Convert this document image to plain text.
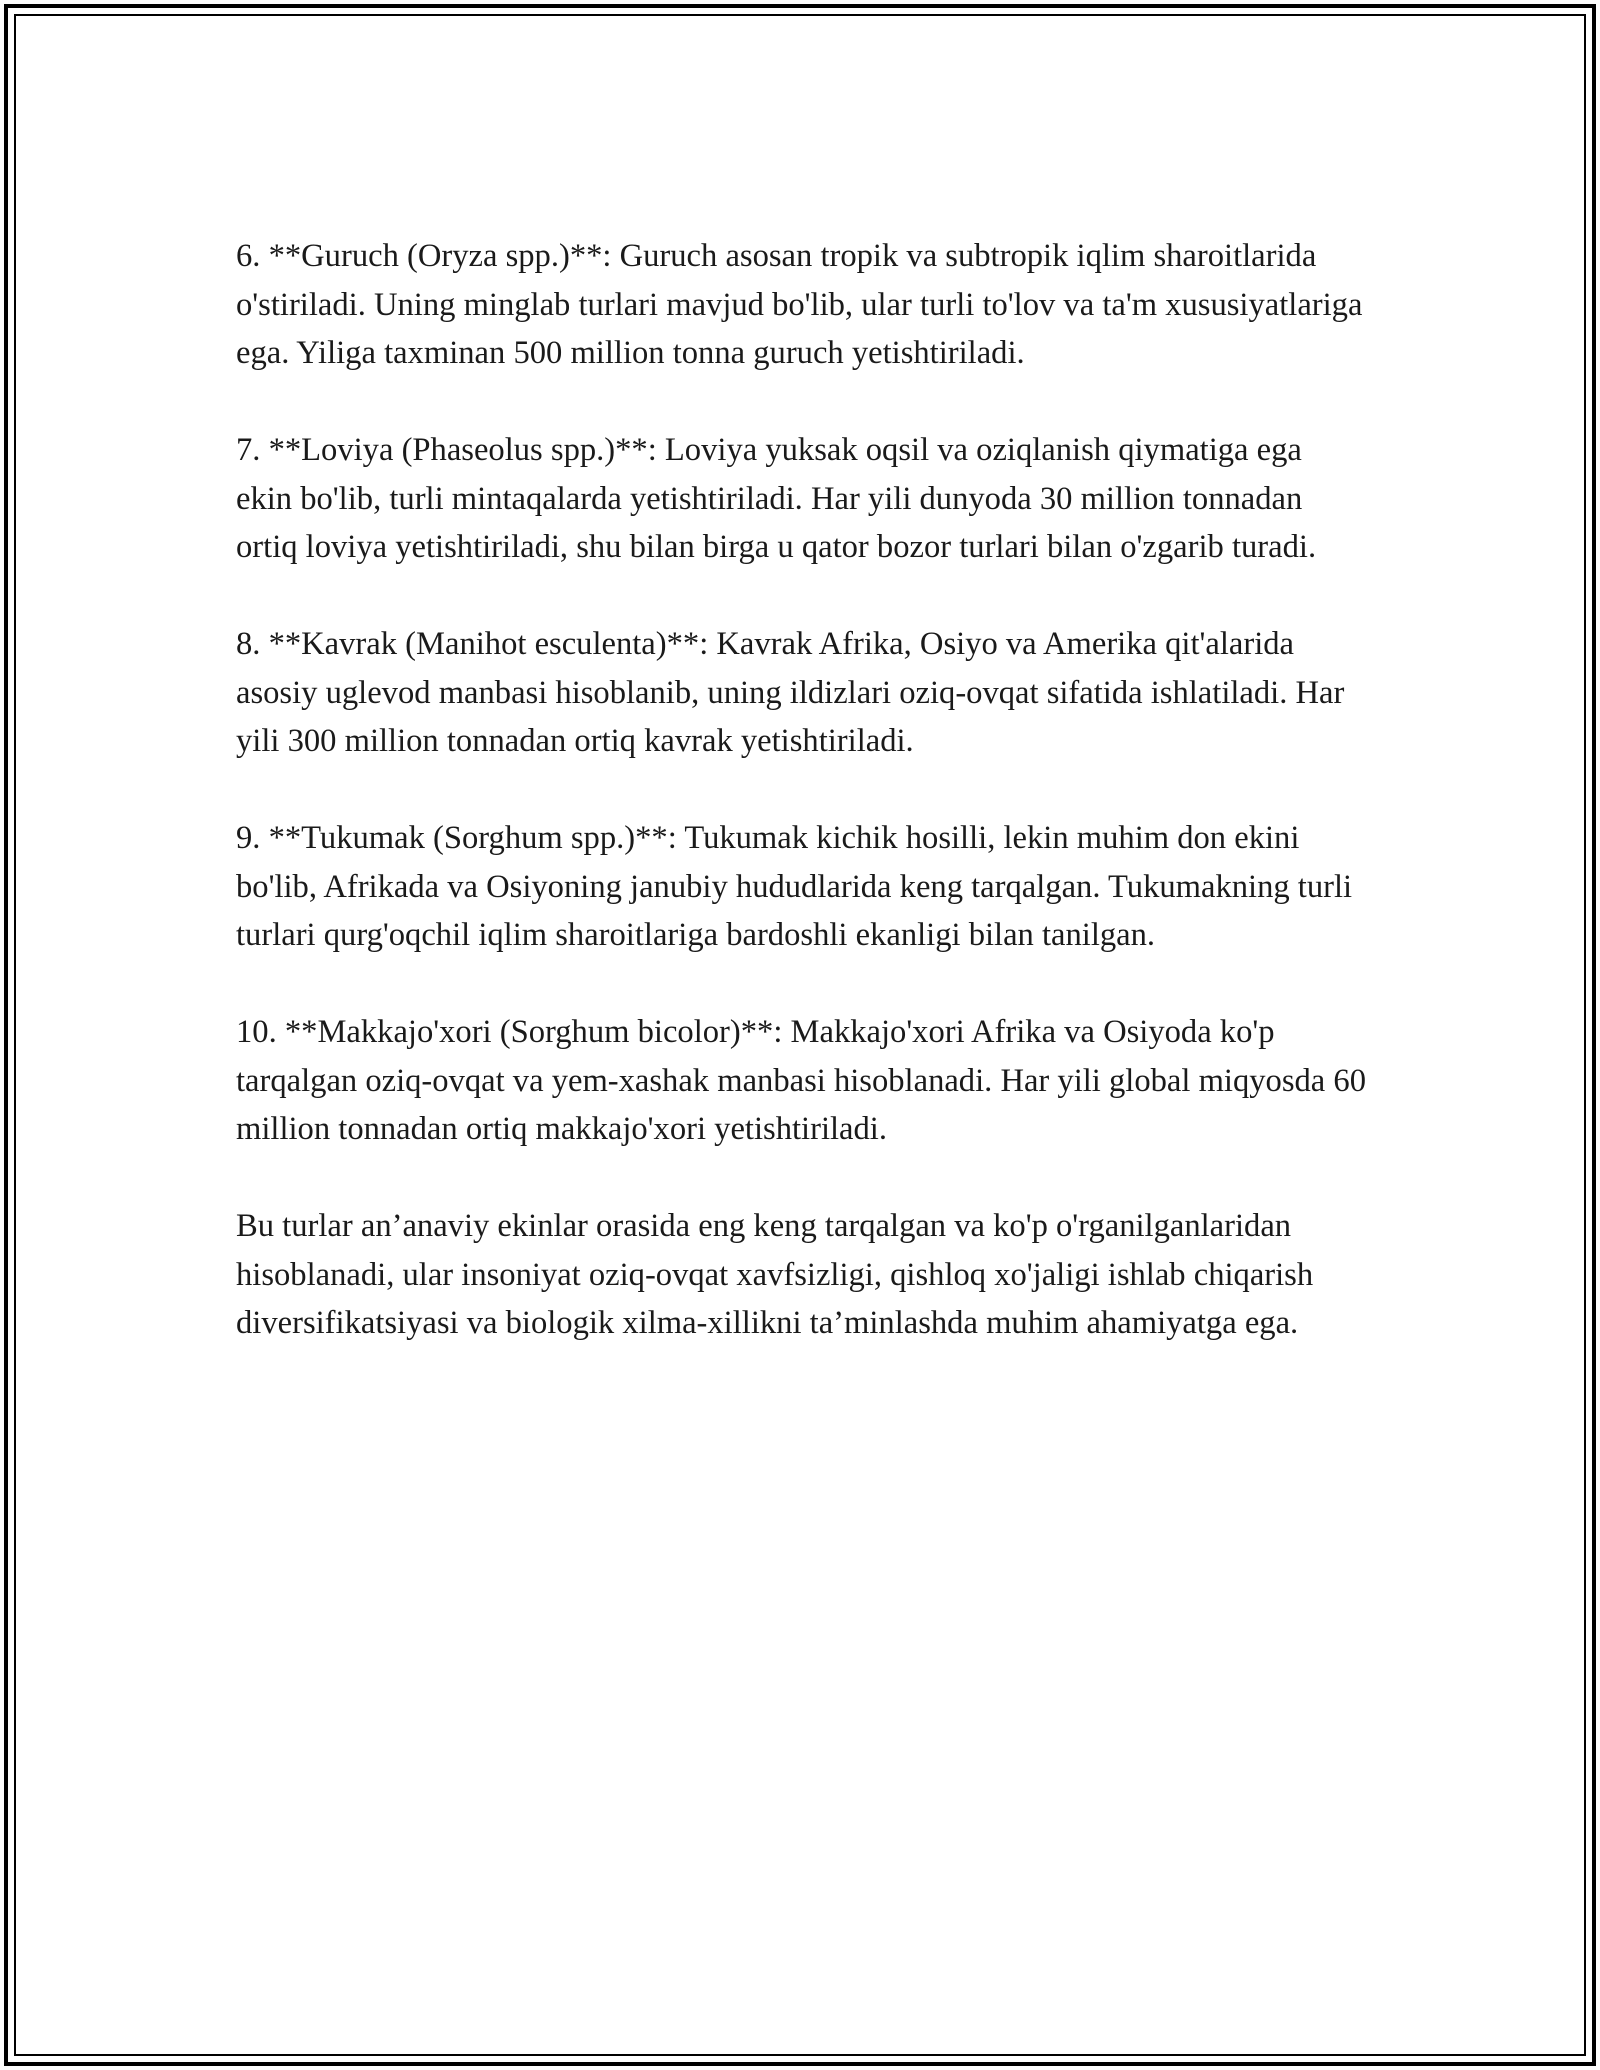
6. **Guruch (Oryza spp.)**: Guruch asosan tropik va subtropik iqlim sharoitlarida o'stiriladi. Uning minglab turlari mavjud bo'lib, ular turli to'lov va ta'm xususiyatlariga ega. Yiliga taxminan 500 million tonna guruch yetishtiriladi.

7. **Loviya (Phaseolus spp.)**: Loviya yuksak oqsil va oziqlanish qiymatiga ega ekin bo'lib, turli mintaqalarda yetishtiriladi. Har yili dunyoda 30 million tonnadan ortiq loviya yetishtiriladi, shu bilan birga u qator bozor turlari bilan o'zgarib turadi.

8. **Kavrak (Manihot esculenta)**: Kavrak Afrika, Osiyo va Amerika qit'alarida asosiy uglevod manbasi hisoblanib, uning ildizlari oziq-ovqat sifatida ishlatiladi. Har yili 300 million tonnadan ortiq kavrak yetishtiriladi.

9. **Tukumak (Sorghum spp.)**: Tukumak kichik hosilli, lekin muhim don ekini bo'lib, Afrikada va Osiyoning janubiy hududlarida keng tarqalgan. Tukumakning turli turlari qurg'oqchil iqlim sharoitlariga bardoshli ekanligi bilan tanilgan.

10. **Makkajo'xori (Sorghum bicolor)**: Makkajo'xori Afrika va Osiyoda ko'p tarqalgan oziq-ovqat va yem-xashak manbasi hisoblanadi. Har yili global miqyosda 60 million tonnadan ortiq makkajo'xori yetishtiriladi.

Bu turlar an’anaviy ekinlar orasida eng keng tarqalgan va ko'p o'rganilganlaridan hisoblanadi, ular insoniyat oziq-ovqat xavfsizligi, qishloq xo'jaligi ishlab chiqarish diversifikatsiyasi va biologik xilma-xillikni ta’minlashda muhim ahamiyatga ega.
